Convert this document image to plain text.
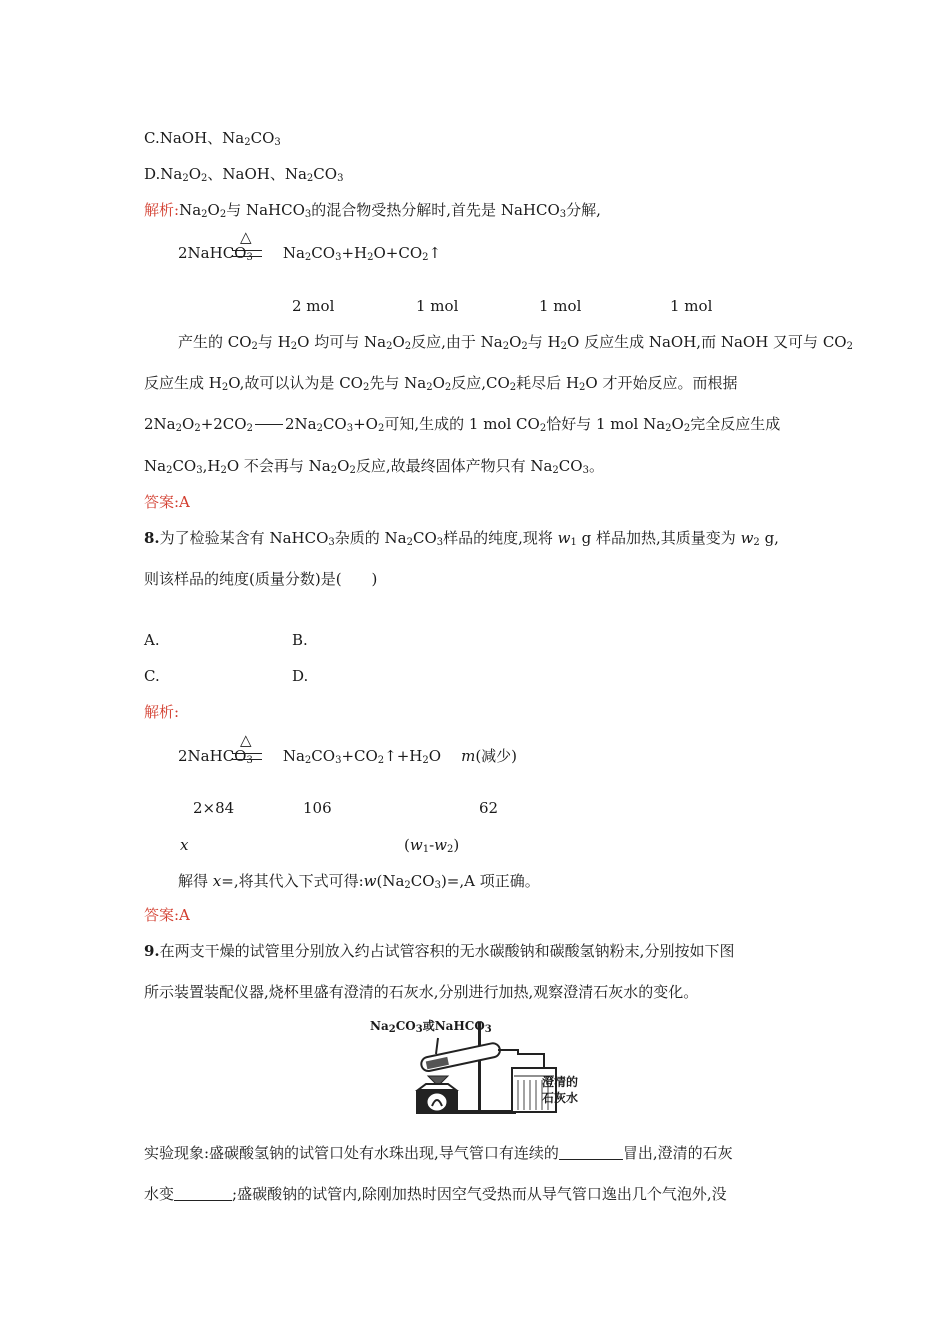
C.NaOH、$Na_2CO_3$
$D.Na_2O_2$、NaOH、$Na_2CO_3$
解析$:Na_2O_2$与 NaHCO$_3$的混合物受热分解时,首先是 NaHCO$_3$分解,
2NaHCO$_3$ $Na_2CO_3+H_2O+CO_2↑$
△
2 mol	1 mol	1 mol	1 mol
产生的 $CO_2$与 $H_2O$ 均可与 $Na_2O_2$反应,由于 $Na_2O_2$与 $H_2O$ 反应生成 NaOH,而 NaOH 又可与 $CO_2$
反应生成 $H_2O$,故可以认为是 $CO_2$先与 $Na_2O_2$反应$,CO_2$耗尽后 $H_2O$ 才开始反应。而根据
$2Na_2O_2+2CO_2$ $2Na_2CO_3+O_2$可知,生成的 1 mol $CO_2$恰好与 1 mol $Na_2O_2$完全反应生成
$Na_2CO_3,H_2O$ 不会再与 $Na_2O_2$反应,故最终固体产物只有 $Na_2CO_3$。
答案:A
8.为了检验某含有 NaHCO$_3$杂质的 $Na_2CO_3$样品的纯度,现将 $w_1$ g 样品加热,其质量变为 $w_2$ g,
则该样品的纯度(质量分数)是(　　)
A.	B.
C.	D.
解析:
2NaHCO$_3$ $Na_2CO_3+CO_2↑+H_2O$ m(减少)
△
2×84	106	62
x	$(w_1-w_2)$
解得 x=,将其代入下式可得$:w(Na_2CO_3)=,A$ 项正确。
答案:A
9.在两支干燥的试管里分别放入约占试管容积的无水碳酸钠和碳酸氢钠粉末,分别按如下图
所示装置装配仪器,烧杯里盛有澄清的石灰水,分别进行加热,观察澄清石灰水的变化。
$Na_2CO_3$或NaHCO$_3$
澄清的
石灰水
实验现象:盛碳酸氢钠的试管口处有水珠出现,导气管口有连续的	冒出,澄清的石灰
水变	;盛碳酸钠的试管内,除刚加热时因空气受热而从导气管口逸出几个气泡外,没
